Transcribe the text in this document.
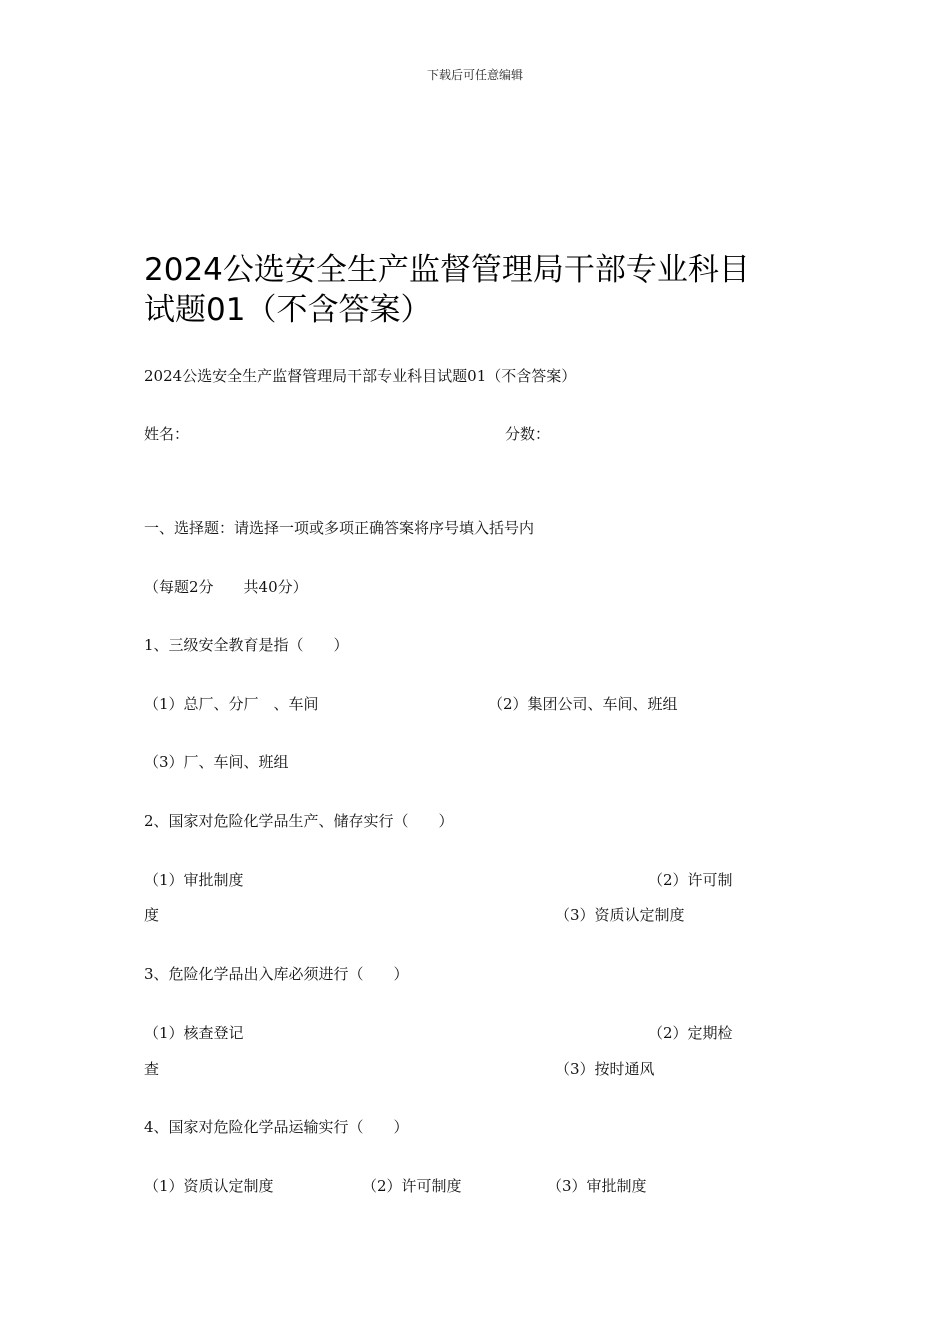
下载后可任意编辑
2024公选安全生产监督管理局干部专业科目
试题01（不含答案）
2024公选安全生产监督管理局干部专业科目试题01（不含答案）
姓名：	分数：
一、选择题：请选择一项或多项正确答案将序号填入括号内
（每题2分　　共40分）
1、三级安全教育是指（　　）
（1）总厂、分厂　、车间	（2）集团公司、车间、班组
（3）厂、车间、班组
2、国家对危险化学品生产、储存实行（　　）
（1）审批制度	（2）许可制
度	（3）资质认定制度
3、危险化学品出入库必须进行（　　）
（1）核查登记	（2）定期检
查	（3）按时通风
4、国家对危险化学品运输实行（　　）
（1）资质认定制度	（2）许可制度	（3）审批制度
